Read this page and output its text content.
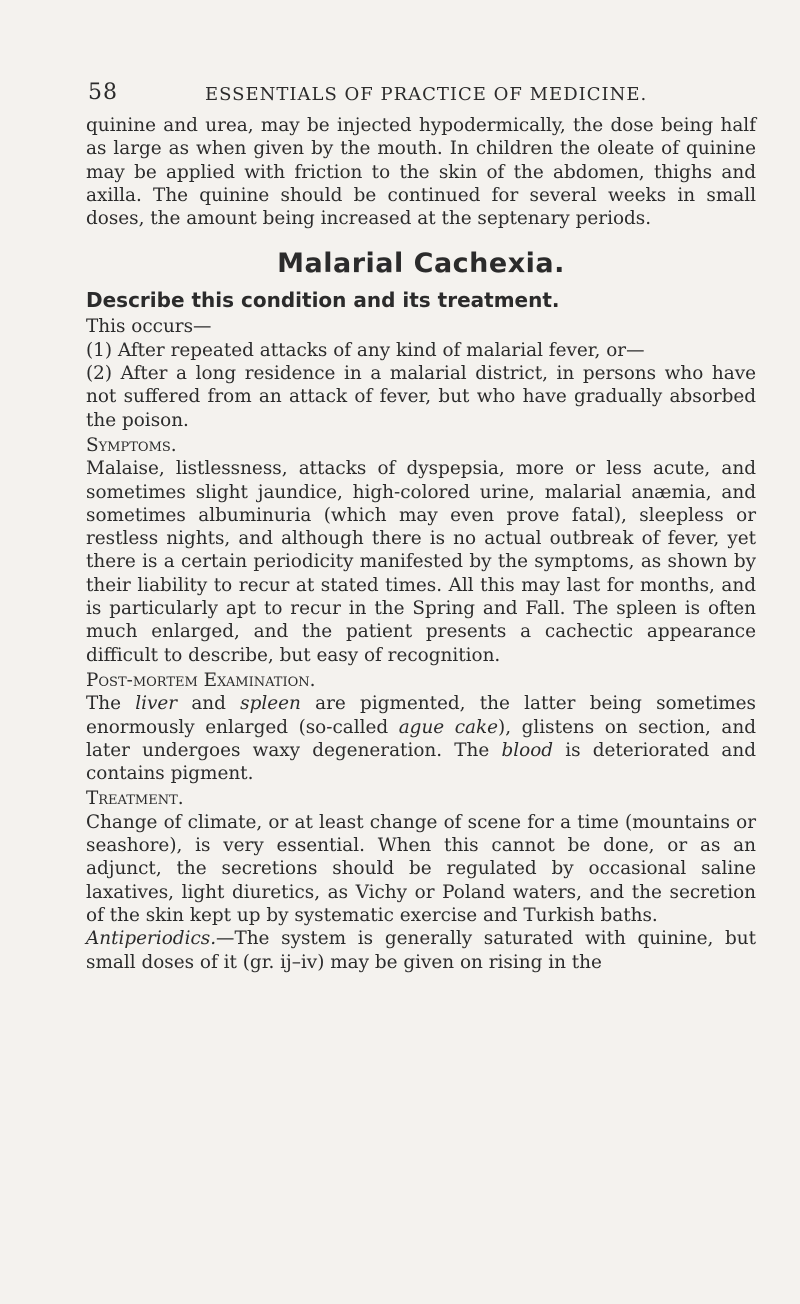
58	ESSENTIALS OF PRACTICE OF MEDICINE.

quinine and urea, may be injected hypodermically, the dose being half as large as when given by the mouth. In children the oleate of quinine may be applied with friction to the skin of the abdomen, thighs and axilla. The quinine should be continued for several weeks in small doses, the amount being increased at the septenary periods.

Malarial Cachexia.
Describe this condition and its treatment.

This occurs—

(1) After repeated attacks of any kind of malarial fever, or—

(2) After a long residence in a malarial district, in persons who have not suffered from an attack of fever, but who have gradually absorbed the poison.

Symptoms.

Malaise, listlessness, attacks of dyspepsia, more or less acute, and sometimes slight jaundice, high-colored urine, malarial anæmia, and sometimes albuminuria (which may even prove fatal), sleepless or restless nights, and although there is no actual outbreak of fever, yet there is a certain periodicity manifested by the symptoms, as shown by their liability to recur at stated times. All this may last for months, and is particularly apt to recur in the Spring and Fall. The spleen is often much enlarged, and the patient presents a cachectic appearance difficult to describe, but easy of recognition.

Post-mortem Examination.

The liver and spleen are pigmented, the latter being sometimes enormously enlarged (so-called ague cake), glistens on section, and later undergoes waxy degeneration. The blood is deteriorated and contains pigment.

Treatment.

Change of climate, or at least change of scene for a time (mountains or seashore), is very essential. When this cannot be done, or as an adjunct, the secretions should be regulated by occasional saline laxatives, light diuretics, as Vichy or Poland waters, and the secretion of the skin kept up by systematic exercise and Turkish baths.

Antiperiodics.—The system is generally saturated with quinine, but small doses of it (gr. ij–iv) may be given on rising in the
